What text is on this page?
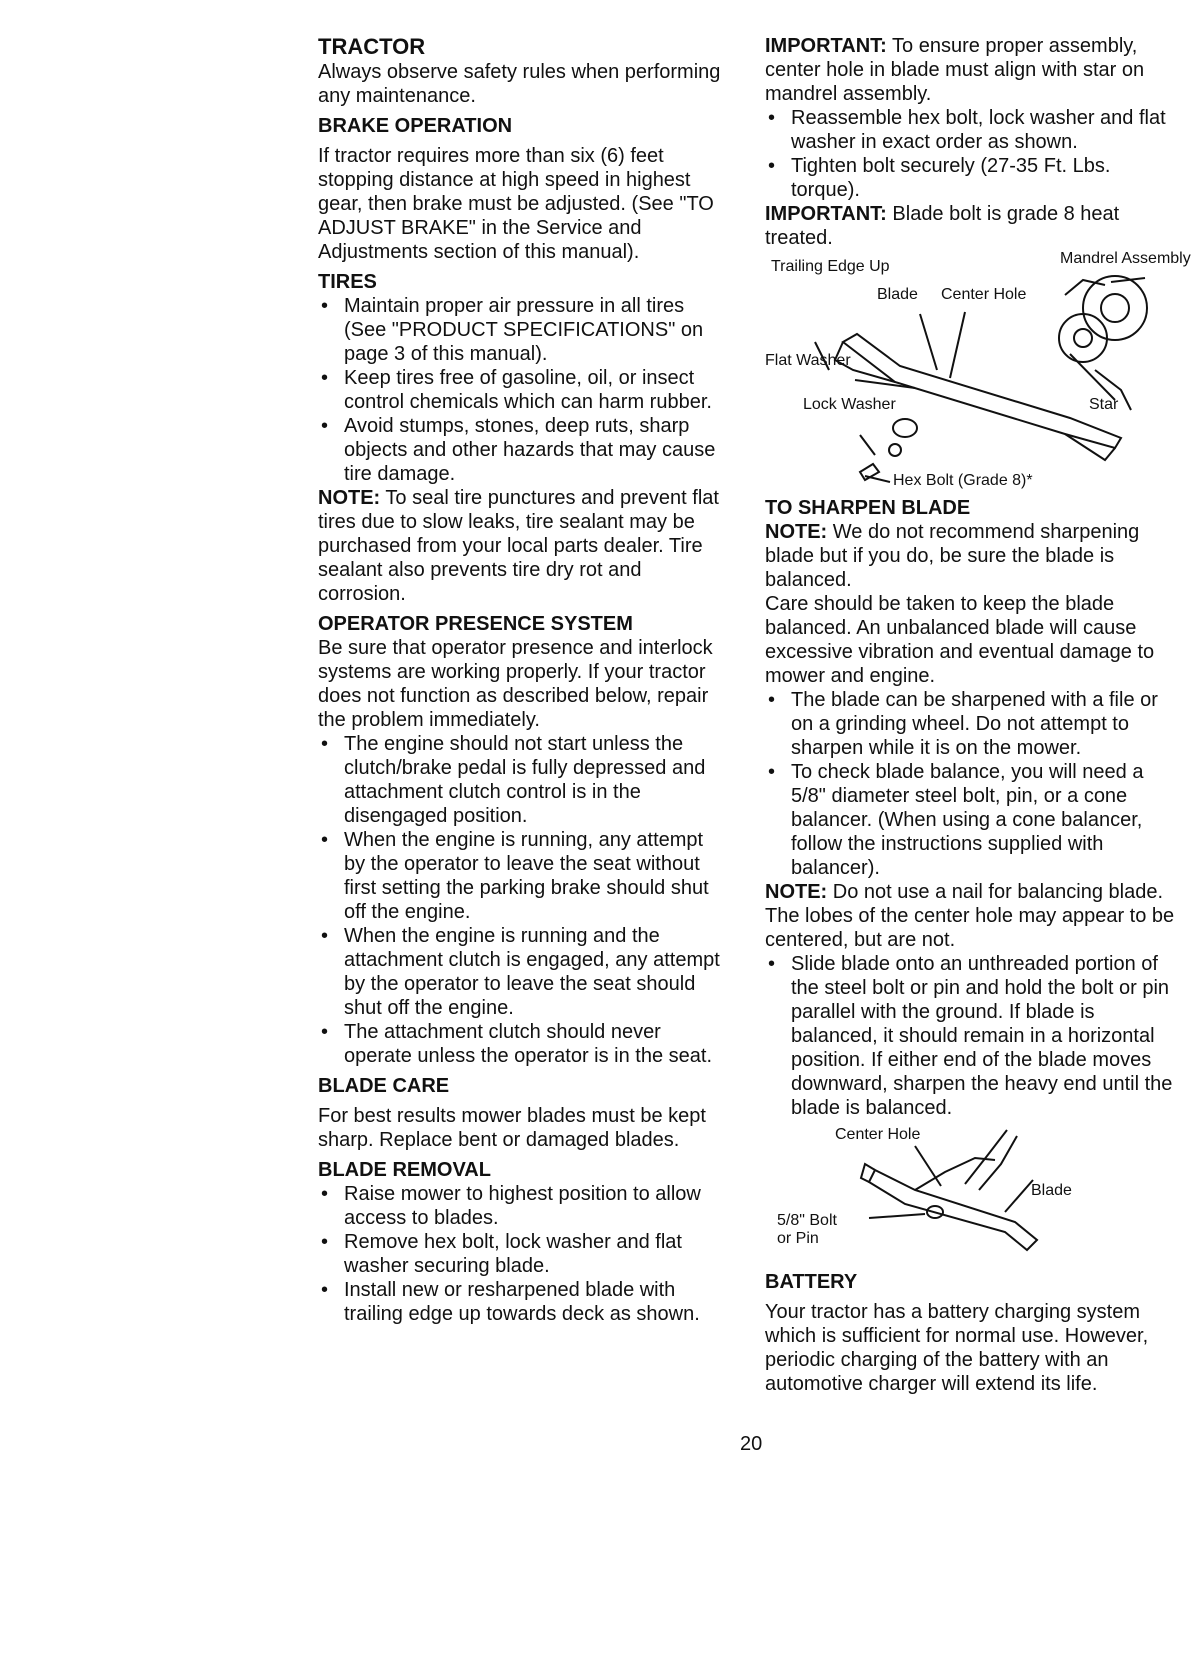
TRACTOR

Always observe safety rules when performing any maintenance.

BRAKE OPERATION

If tractor requires more than six (6) feet stopping distance at high speed in highest gear, then brake must be adjusted. (See "TO ADJUST BRAKE" in the Service and Adjustments section of this manual).

TIRES

• Maintain proper air pressure in all tires (See "PRODUCT SPECIFICATIONS" on page 3 of this manual).
• Keep tires free of gasoline, oil, or insect control chemicals which can harm rubber.
• Avoid stumps, stones, deep ruts, sharp objects and other hazards that may cause tire damage.

NOTE: To seal tire punctures and prevent flat tires due to slow leaks, tire sealant may be purchased from your local parts dealer. Tire sealant also prevents tire dry rot and corrosion.

OPERATOR PRESENCE SYSTEM

Be sure that operator presence and interlock systems are working properly. If your tractor does not function as described below, repair the problem immediately.

• The engine should not start unless the clutch/brake pedal is fully depressed and attachment clutch control is in the disengaged position.
• When the engine is running, any attempt by the operator to leave the seat without first setting the parking brake should shut off the engine.
• When the engine is running and the attachment clutch is engaged, any attempt by the operator to leave the seat should shut off the engine.
• The attachment clutch should never operate unless the operator is in the seat.

BLADE CARE

For best results mower blades must be kept sharp. Replace bent or damaged blades.

BLADE REMOVAL

• Raise mower to highest position to allow access to blades.
• Remove hex bolt, lock washer and flat washer securing blade.
• Install new or resharpened blade with trailing edge up towards deck as shown.

IMPORTANT: To ensure proper assembly, center hole in blade must align with star on mandrel assembly.

• Reassemble hex bolt, lock washer and flat washer in exact order as shown.
• Tighten bolt securely (27-35 Ft. Lbs. torque).

IMPORTANT: Blade bolt is grade 8 heat treated.

Mandrel Assembly
Trailing Edge Up
Blade Center Hole
Flat Washer
Lock Washer	Star
Hex Bolt (Grade 8)*

TO SHARPEN BLADE

NOTE: We do not recommend sharpening blade but if you do, be sure the blade is balanced.

Care should be taken to keep the blade balanced. An unbalanced blade will cause excessive vibration and eventual damage to mower and engine.

• The blade can be sharpened with a file or on a grinding wheel. Do not attempt to sharpen while it is on the mower.
• To check blade balance, you will need a 5/8" diameter steel bolt, pin, or a cone balancer. (When using a cone balancer, follow the instructions supplied with balancer).

NOTE: Do not use a nail for balancing blade. The lobes of the center hole may appear to be centered, but are not.

• Slide blade onto an unthreaded portion of the steel bolt or pin and hold the bolt or pin parallel with the ground. If blade is balanced, it should remain in a horizontal position. If either end of the blade moves downward, sharpen the heavy end until the blade is balanced.
Center Hole
Blade
5/8" Bolt or Pin

BATTERY

Your tractor has a battery charging system which is sufficient for normal use. However, periodic charging of the battery with an automotive charger will extend its life.

20
